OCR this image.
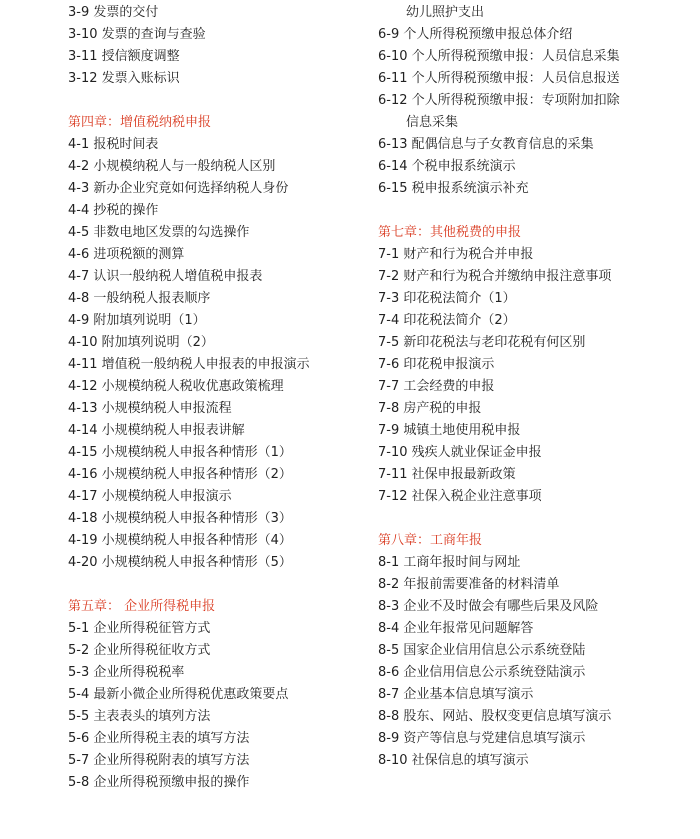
3-9 发票的交付
3-10 发票的查询与查验
3-11 授信额度调整
3-12 发票入账标识
第四章：增值税纳税申报
4-1 报税时间表
4-2 小规模纳税人与一般纳税人区别
4-3 新办企业究竟如何选择纳税人身份
4-4 抄税的操作
4-5 非数电地区发票的勾选操作
4-6 进项税额的测算
4-7 认识一般纳税人增值税申报表
4-8 一般纳税人报表顺序
4-9 附加填列说明（1）
4-10 附加填列说明（2）
4-11 增值税一般纳税人申报表的申报演示
4-12 小规模纳税人税收优惠政策梳理
4-13 小规模纳税人申报流程
4-14 小规模纳税人申报表讲解
4-15 小规模纳税人申报各种情形（1）
4-16 小规模纳税人申报各种情形（2）
4-17 小规模纳税人申报演示
4-18 小规模纳税人申报各种情形（3）
4-19 小规模纳税人申报各种情形（4）
4-20 小规模纳税人申报各种情形（5）
第五章： 企业所得税申报
5-1 企业所得税征管方式
5-2 企业所得税征收方式
5-3 企业所得税税率
5-4 最新小微企业所得税优惠政策要点
5-5 主表表头的填列方法
5-6 企业所得税主表的填写方法
5-7 企业所得税附表的填写方法
5-8 企业所得税预缴申报的操作
幼儿照护支出
6-9 个人所得税预缴申报总体介绍
6-10 个人所得税预缴申报：人员信息采集
6-11 个人所得税预缴申报：人员信息报送
6-12 个人所得税预缴申报：专项附加扣除
信息采集
6-13 配偶信息与子女教育信息的采集
6-14 个税申报系统演示
6-15 税申报系统演示补充
第七章：其他税费的申报
7-1 财产和行为税合并申报
7-2 财产和行为税合并缴纳申报注意事项
7-3 印花税法简介（1）
7-4 印花税法简介（2）
7-5 新印花税法与老印花税有何区别
7-6 印花税申报演示
7-7 工会经费的申报
7-8 房产税的申报
7-9 城镇土地使用税申报
7-10 残疾人就业保证金申报
7-11 社保申报最新政策
7-12 社保入税企业注意事项
第八章：工商年报
8-1 工商年报时间与网址
8-2 年报前需要准备的材料清单
8-3 企业不及时做会有哪些后果及风险
8-4 企业年报常见问题解答
8-5 国家企业信用信息公示系统登陆
8-6 企业信用信息公示系统登陆演示
8-7 企业基本信息填写演示
8-8 股东、网站、股权变更信息填写演示
8-9 资产等信息与党建信息填写演示
8-10 社保信息的填写演示
